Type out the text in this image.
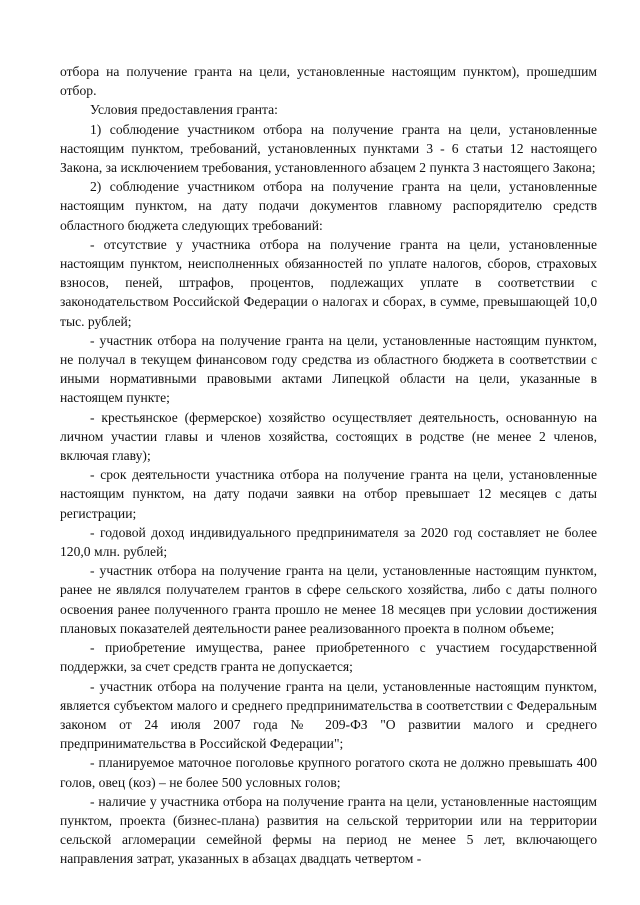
отбора на получение гранта на цели, установленные настоящим пунктом), прошедшим отбор.

Условия предоставления гранта:

1) соблюдение участником отбора на получение гранта на цели, установленные настоящим пунктом, требований, установленных пунктами 3 - 6 статьи 12 настоящего Закона, за исключением требования, установленного абзацем 2 пункта 3 настоящего Закона;

2) соблюдение участником отбора на получение гранта на цели, установленные настоящим пунктом, на дату подачи документов главному распорядителю средств областного бюджета следующих требований:

- отсутствие у участника отбора на получение гранта на цели, установленные настоящим пунктом, неисполненных обязанностей по уплате налогов, сборов, страховых взносов, пеней, штрафов, процентов, подлежащих уплате в соответствии с законодательством Российской Федерации о налогах и сборах, в сумме, превышающей 10,0 тыс. рублей;

- участник отбора на получение гранта на цели, установленные настоящим пунктом, не получал в текущем финансовом году средства из областного бюджета в соответствии с иными нормативными правовыми актами Липецкой области на цели, указанные в настоящем пункте;

- крестьянское (фермерское) хозяйство осуществляет деятельность, основанную на личном участии главы и членов хозяйства, состоящих в родстве (не менее 2 членов, включая главу);

- срок деятельности участника отбора на получение гранта на цели, установленные настоящим пунктом, на дату подачи заявки на отбор превышает 12 месяцев с даты регистрации;

- годовой доход индивидуального предпринимателя за 2020 год составляет не более 120,0 млн. рублей;

- участник отбора на получение гранта на цели, установленные настоящим пунктом, ранее не являлся получателем грантов в сфере сельского хозяйства, либо с даты полного освоения ранее полученного гранта прошло не менее 18 месяцев при условии достижения плановых показателей деятельности ранее реализованного проекта в полном объеме;

- приобретение имущества, ранее приобретенного с участием государственной поддержки, за счет средств гранта не допускается;

- участник отбора на получение гранта на цели, установленные настоящим пунктом, является субъектом малого и среднего предпринимательства в соответствии с Федеральным законом от 24 июля 2007 года № 209-ФЗ "О развитии малого и среднего предпринимательства в Российской Федерации";

- планируемое маточное поголовье крупного рогатого скота не должно превышать 400 голов, овец (коз) – не более 500 условных голов;

- наличие у участника отбора на получение гранта на цели, установленные настоящим пунктом, проекта (бизнес-плана) развития на сельской территории или на территории сельской агломерации семейной фермы на период не менее 5 лет, включающего направления затрат, указанных в абзацах двадцать четвертом -
